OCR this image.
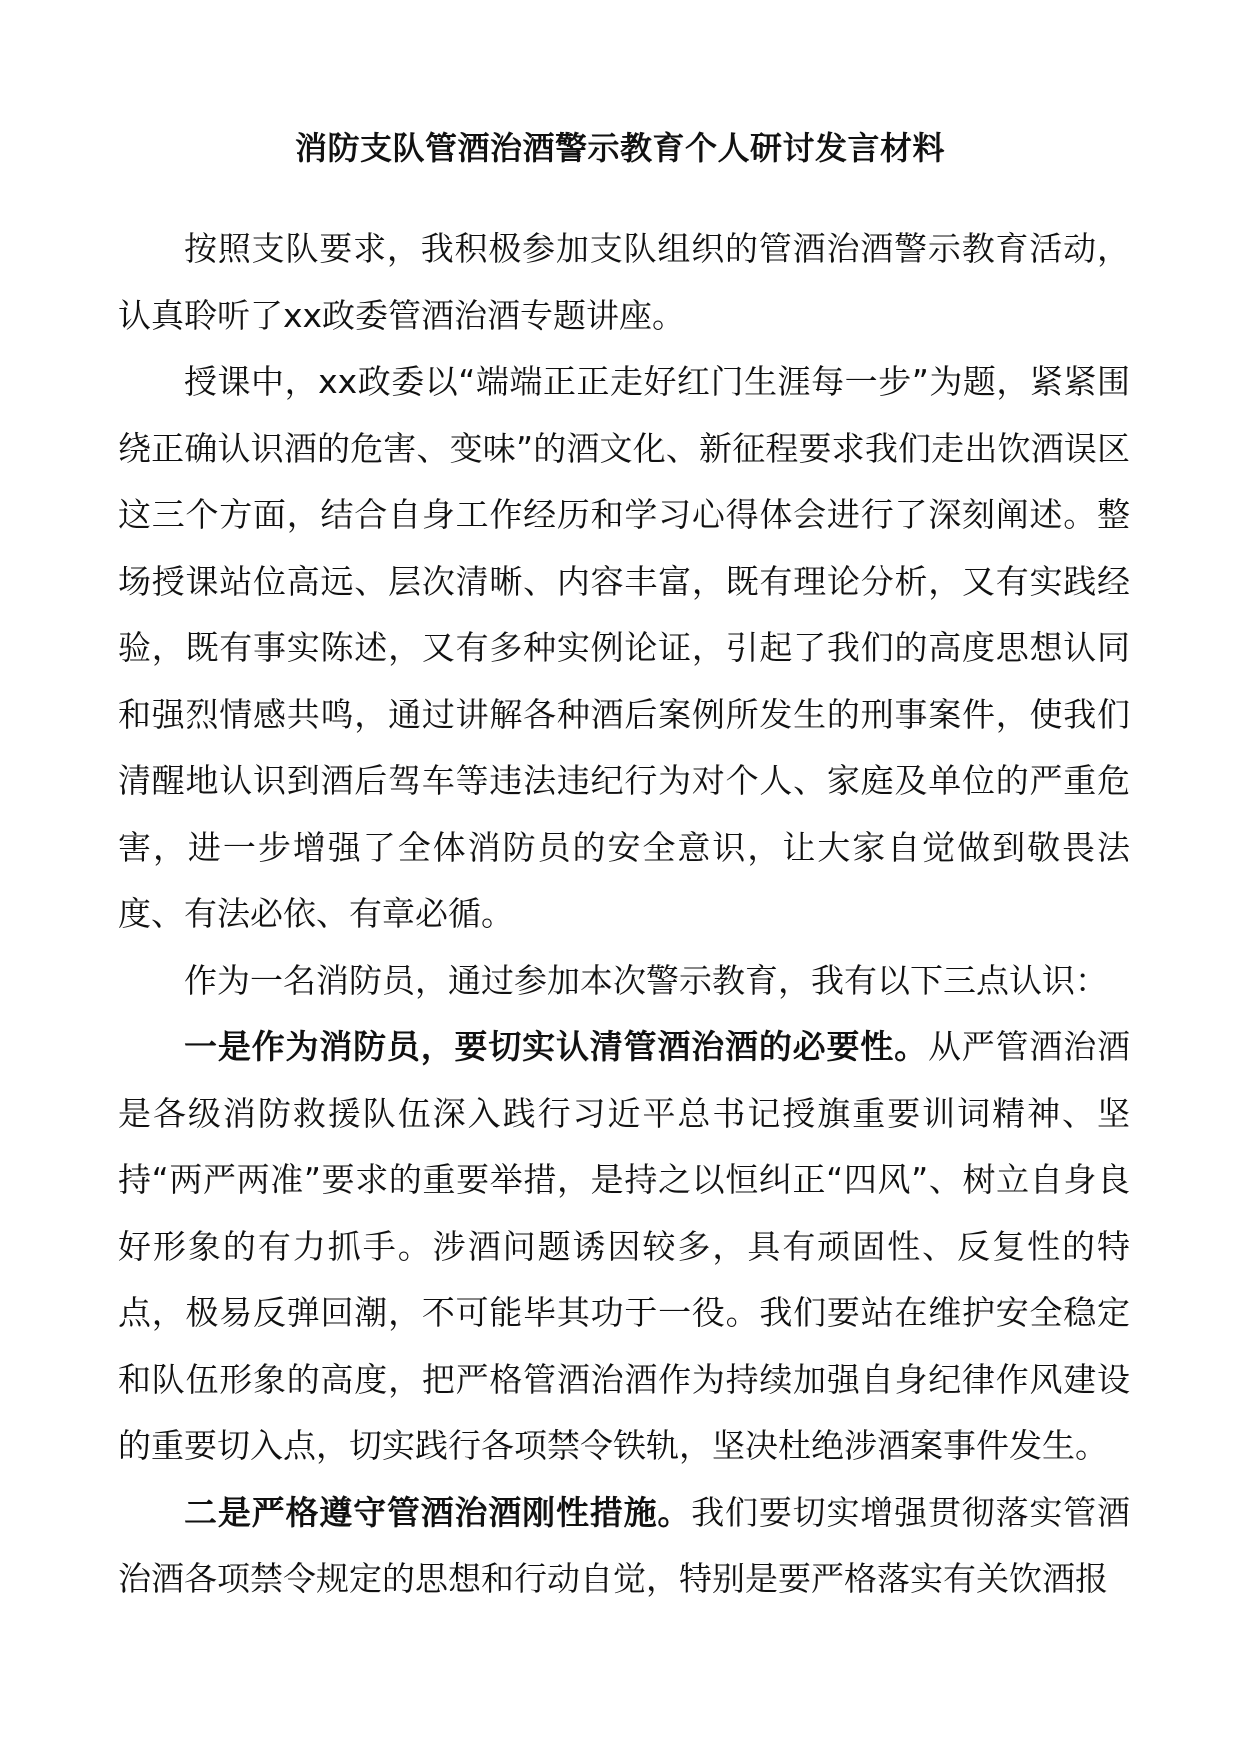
消防支队管酒治酒警示教育个人研讨发言材料

按照支队要求，我积极参加支队组织的管酒治酒警示教育活动，认真聆听了xx政委管酒治酒专题讲座。

授课中，xx政委以“端端正正走好红门生涯每一步”为题，紧紧围绕正确认识酒的危害、变味”的酒文化、新征程要求我们走出饮酒误区这三个方面，结合自身工作经历和学习心得体会进行了深刻阐述。整场授课站位高远、层次清晰、内容丰富，既有理论分析，又有实践经验，既有事实陈述，又有多种实例论证，引起了我们的高度思想认同和强烈情感共鸣，通过讲解各种酒后案例所发生的刑事案件，使我们清醒地认识到酒后驾车等违法违纪行为对个人、家庭及单位的严重危害，进一步增强了全体消防员的安全意识，让大家自觉做到敬畏法度、有法必依、有章必循。

作为一名消防员，通过参加本次警示教育，我有以下三点认识：

一是作为消防员，要切实认清管酒治酒的必要性。从严管酒治酒是各级消防救援队伍深入践行习近平总书记授旗重要训词精神、坚持“两严两准”要求的重要举措，是持之以恒纠正“四风”、树立自身良好形象的有力抓手。涉酒问题诱因较多，具有顽固性、反复性的特点，极易反弹回潮，不可能毕其功于一役。我们要站在维护安全稳定和队伍形象的高度，把严格管酒治酒作为持续加强自身纪律作风建设的重要切入点，切实践行各项禁令铁轨，坚决杜绝涉酒案事件发生。

二是严格遵守管酒治酒刚性措施。我们要切实增强贯彻落实管酒治酒各项禁令规定的思想和行动自觉，特别是要严格落实有关饮酒报
